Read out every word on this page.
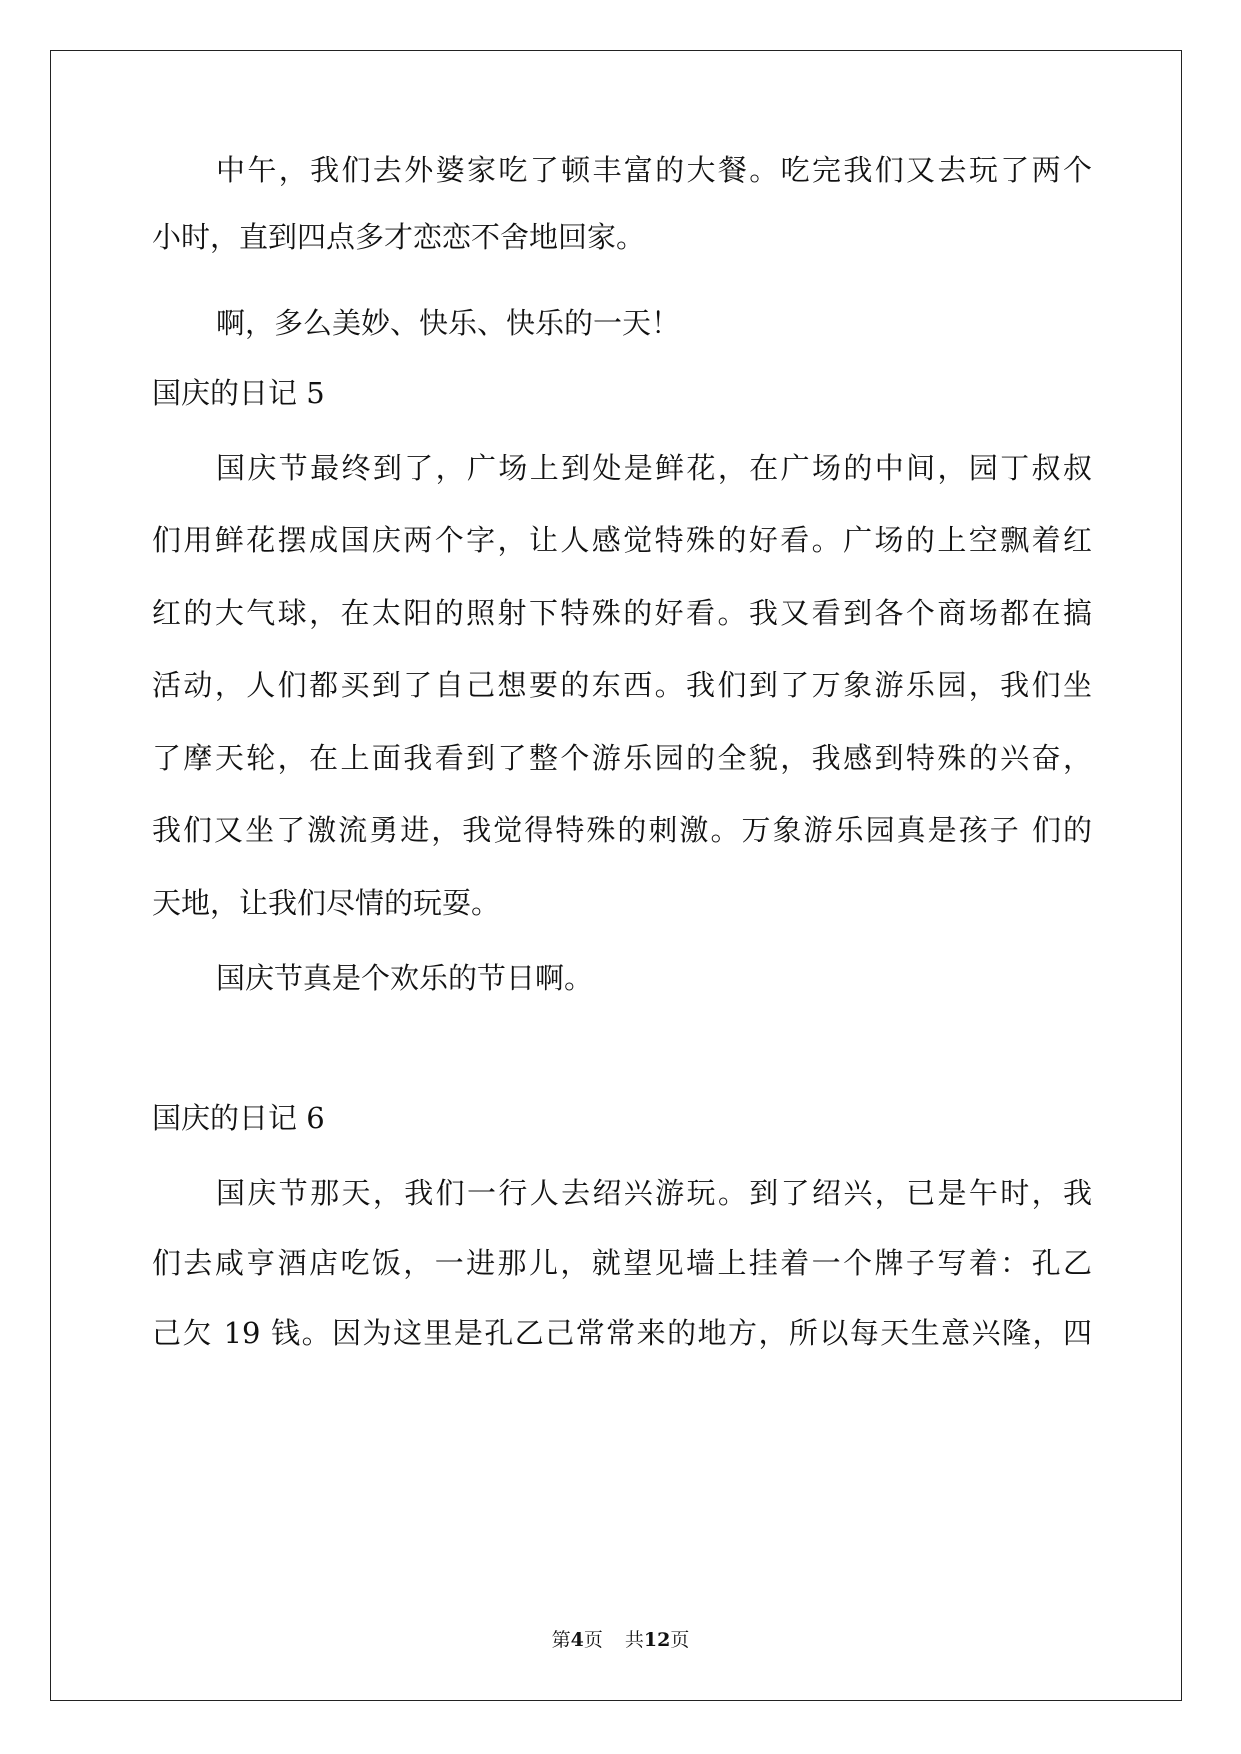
中午，我们去外婆家吃了顿丰富的大餐。吃完我们又去玩了两个
小时，直到四点多才恋恋不舍地回家。
啊，多么美妙、快乐、快乐的一天！
国庆的日记 5
国庆节最终到了，广场上到处是鲜花，在广场的中间，园丁叔叔
们用鲜花摆成国庆两个字，让人感觉特殊的好看。广场的上空飘着红
红的大气球，在太阳的照射下特殊的好看。我又看到各个商场都在搞
活动，人们都买到了自己想要的东西。我们到了万象游乐园，我们坐
了摩天轮，在上面我看到了整个游乐园的全貌，我感到特殊的兴奋，
我们又坐了激流勇进，我觉得特殊的刺激。万象游乐园真是孩子 们的
天地，让我们尽情的玩耍。
国庆节真是个欢乐的节日啊。
国庆的日记 6
国庆节那天，我们一行人去绍兴游玩。到了绍兴，已是午时，我
们去咸亨酒店吃饭，一进那儿，就望见墙上挂着一个牌子写着：孔乙
己欠 19 钱。因为这里是孔乙己常常来的地方，所以每天生意兴隆，四
第4页 共12页
